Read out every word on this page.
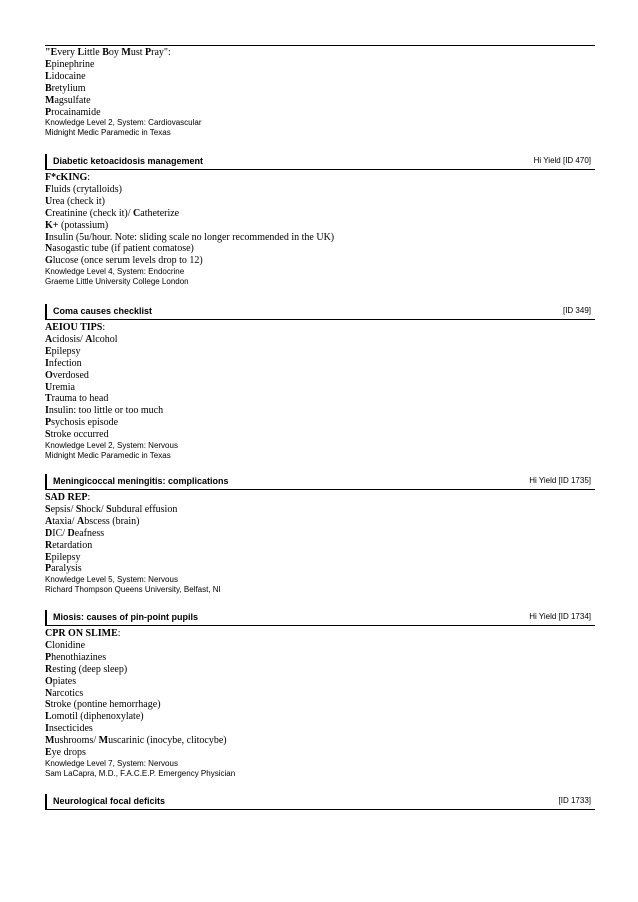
"Every Little Boy Must Pray":
Epinephrine
Lidocaine
Bretylium
Magsulfate
Procainamide
Knowledge Level 2, System: Cardiovascular
Midnight Medic Paramedic in Texas
Diabetic ketoacidosis management	Hi Yield [ID 470]
F*cKING:
Fluids (crytalloids)
Urea (check it)
Creatinine (check it)/ Catheterize
K+ (potassium)
Insulin (5u/hour. Note: sliding scale no longer recommended in the UK)
Nasogastic tube (if patient comatose)
Glucose (once serum levels drop to 12)
Knowledge Level 4, System: Endocrine
Graeme Little University College London
Coma causes checklist	[ID 349]
AEIOU TIPS:
Acidosis/ Alcohol
Epilepsy
Infection
Overdosed
Uremia
Trauma to head
Insulin: too little or too much
Psychosis episode
Stroke occurred
Knowledge Level 2, System: Nervous
Midnight Medic Paramedic in Texas
Meningicoccal meningitis: complications	Hi Yield [ID 1735]
SAD REP:
Sepsis/ Shock/ Subdural effusion
Ataxia/ Abscess (brain)
DIC/ Deafness
Retardation
Epilepsy
Paralysis
Knowledge Level 5, System: Nervous
Richard Thompson Queens University, Belfast, NI
Miosis: causes of pin-point pupils	Hi Yield [ID 1734]
CPR ON SLIME:
Clonidine
Phenothiazines
Resting (deep sleep)
Opiates
Narcotics
Stroke (pontine hemorrhage)
Lomotil (diphenoxylate)
Insecticides
Mushrooms/ Muscarinic (inocybe, clitocybe)
Eye drops
Knowledge Level 7, System: Nervous
Sam LaCapra, M.D., F.A.C.E.P. Emergency Physician
Neurological focal deficits	[ID 1733]
